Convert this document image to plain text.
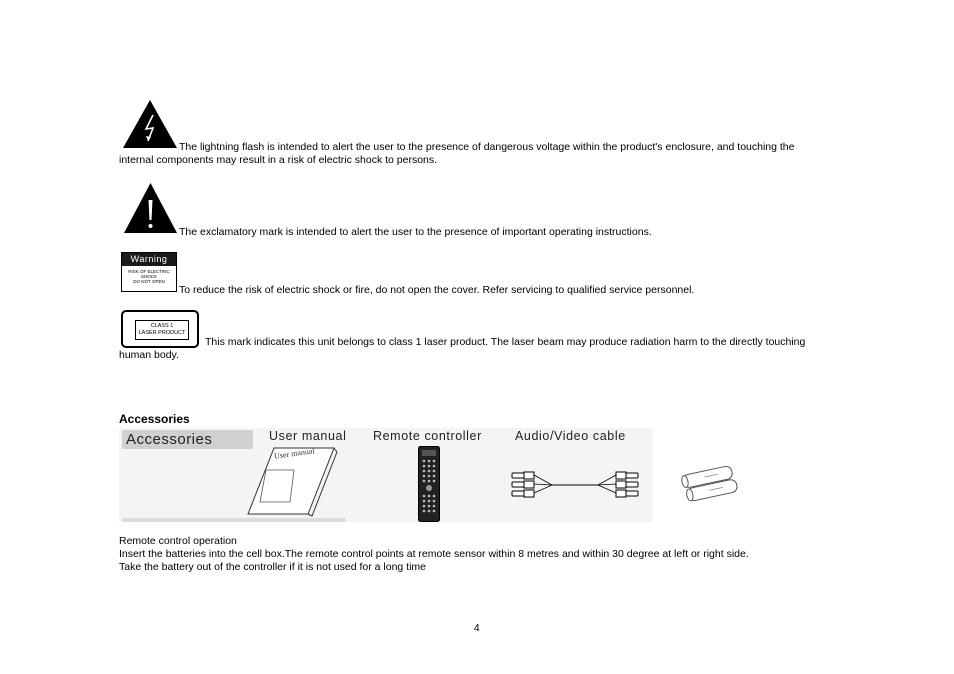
The lightning flash is intended to alert the user to the presence of dangerous voltage within the product's enclosure, and touching the
internal components may result in a risk of electric shock to persons.
The exclamatory mark is intended to alert the user to the presence of important operating instructions.
Warning
RISK OF ELECTRIC SHOCK
DO NOT OPEN
To reduce the risk of electric shock or fire, do not open the cover. Refer servicing to qualified service personnel.
CLASS 1
LASER PRODUCT
This mark indicates this unit belongs to class 1 laser product. The laser beam may produce radiation harm to the directly touching
human body.
Accessories
Accessories	User manual Remote controller	Audio/Video cable
User manual
Remote control operation
Insert the batteries into the cell box.The remote control points at remote sensor within 8 metres and within 30 degree at left or right side.
Take the battery out of the controller if it is not used for a long time
4
